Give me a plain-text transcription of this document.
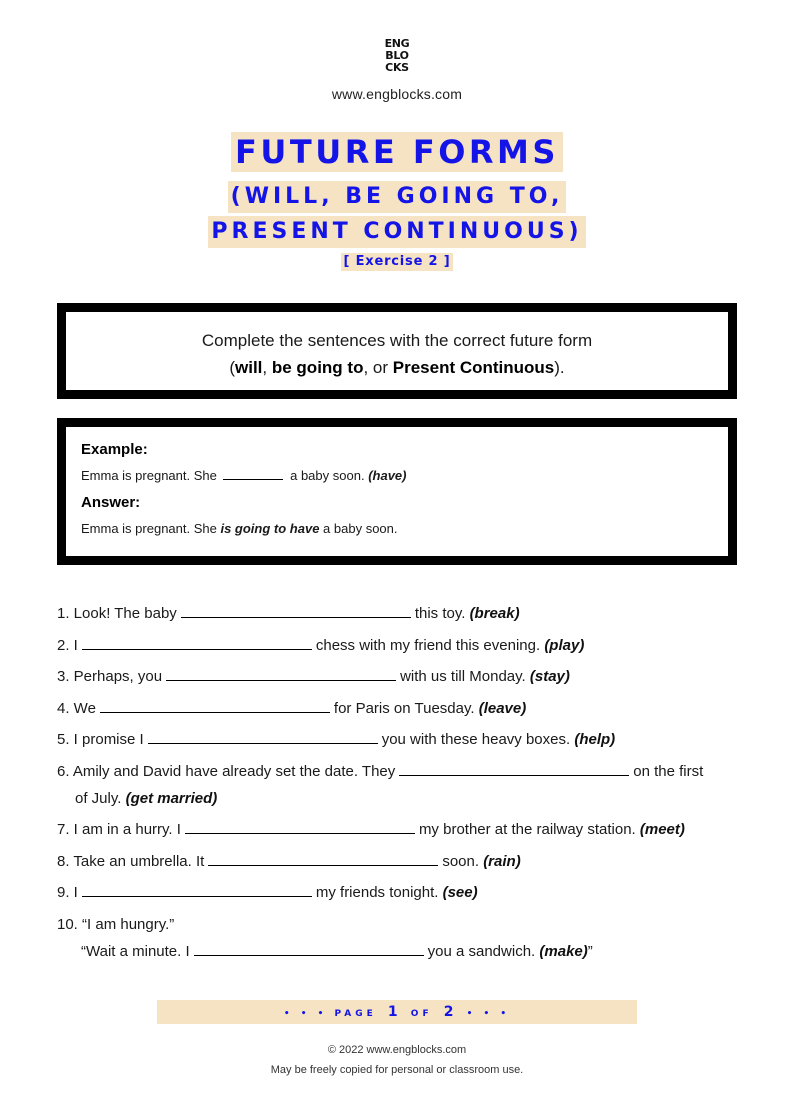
ENG
BLO
CKS
www.engblocks.com
FUTURE FORMS
(WILL, BE GOING TO,
PRESENT CONTINUOUS)
[ Exercise 2 ]
Complete the sentences with the correct future form
(will, be going to, or Present Continuous).
Example:
Emma is pregnant. She	a baby soon. (have)
Answer:
Emma is pregnant. She is going to have a baby soon.
1. Look! The baby	this toy. (break)
2. I	chess with my friend this evening. (play)
3. Perhaps, you	with us till Monday. (stay)
4. We	for Paris on Tuesday. (leave)
5. I promise I	you with these heavy boxes. (help)
6. Amily and David have already set the date. They	on the first
of July. (get married)
7. I am in a hurry. I	my brother at the railway station. (meet)
8. Take an umbrella. It	soon. (rain)
9. I	my friends tonight. (see)
10. “I am hungry.”
“Wait a minute. I	you a sandwich. (make)”
• • • PAGE 1 OF 2 • • •
© 2022 www.engblocks.com
May be freely copied for personal or classroom use.
